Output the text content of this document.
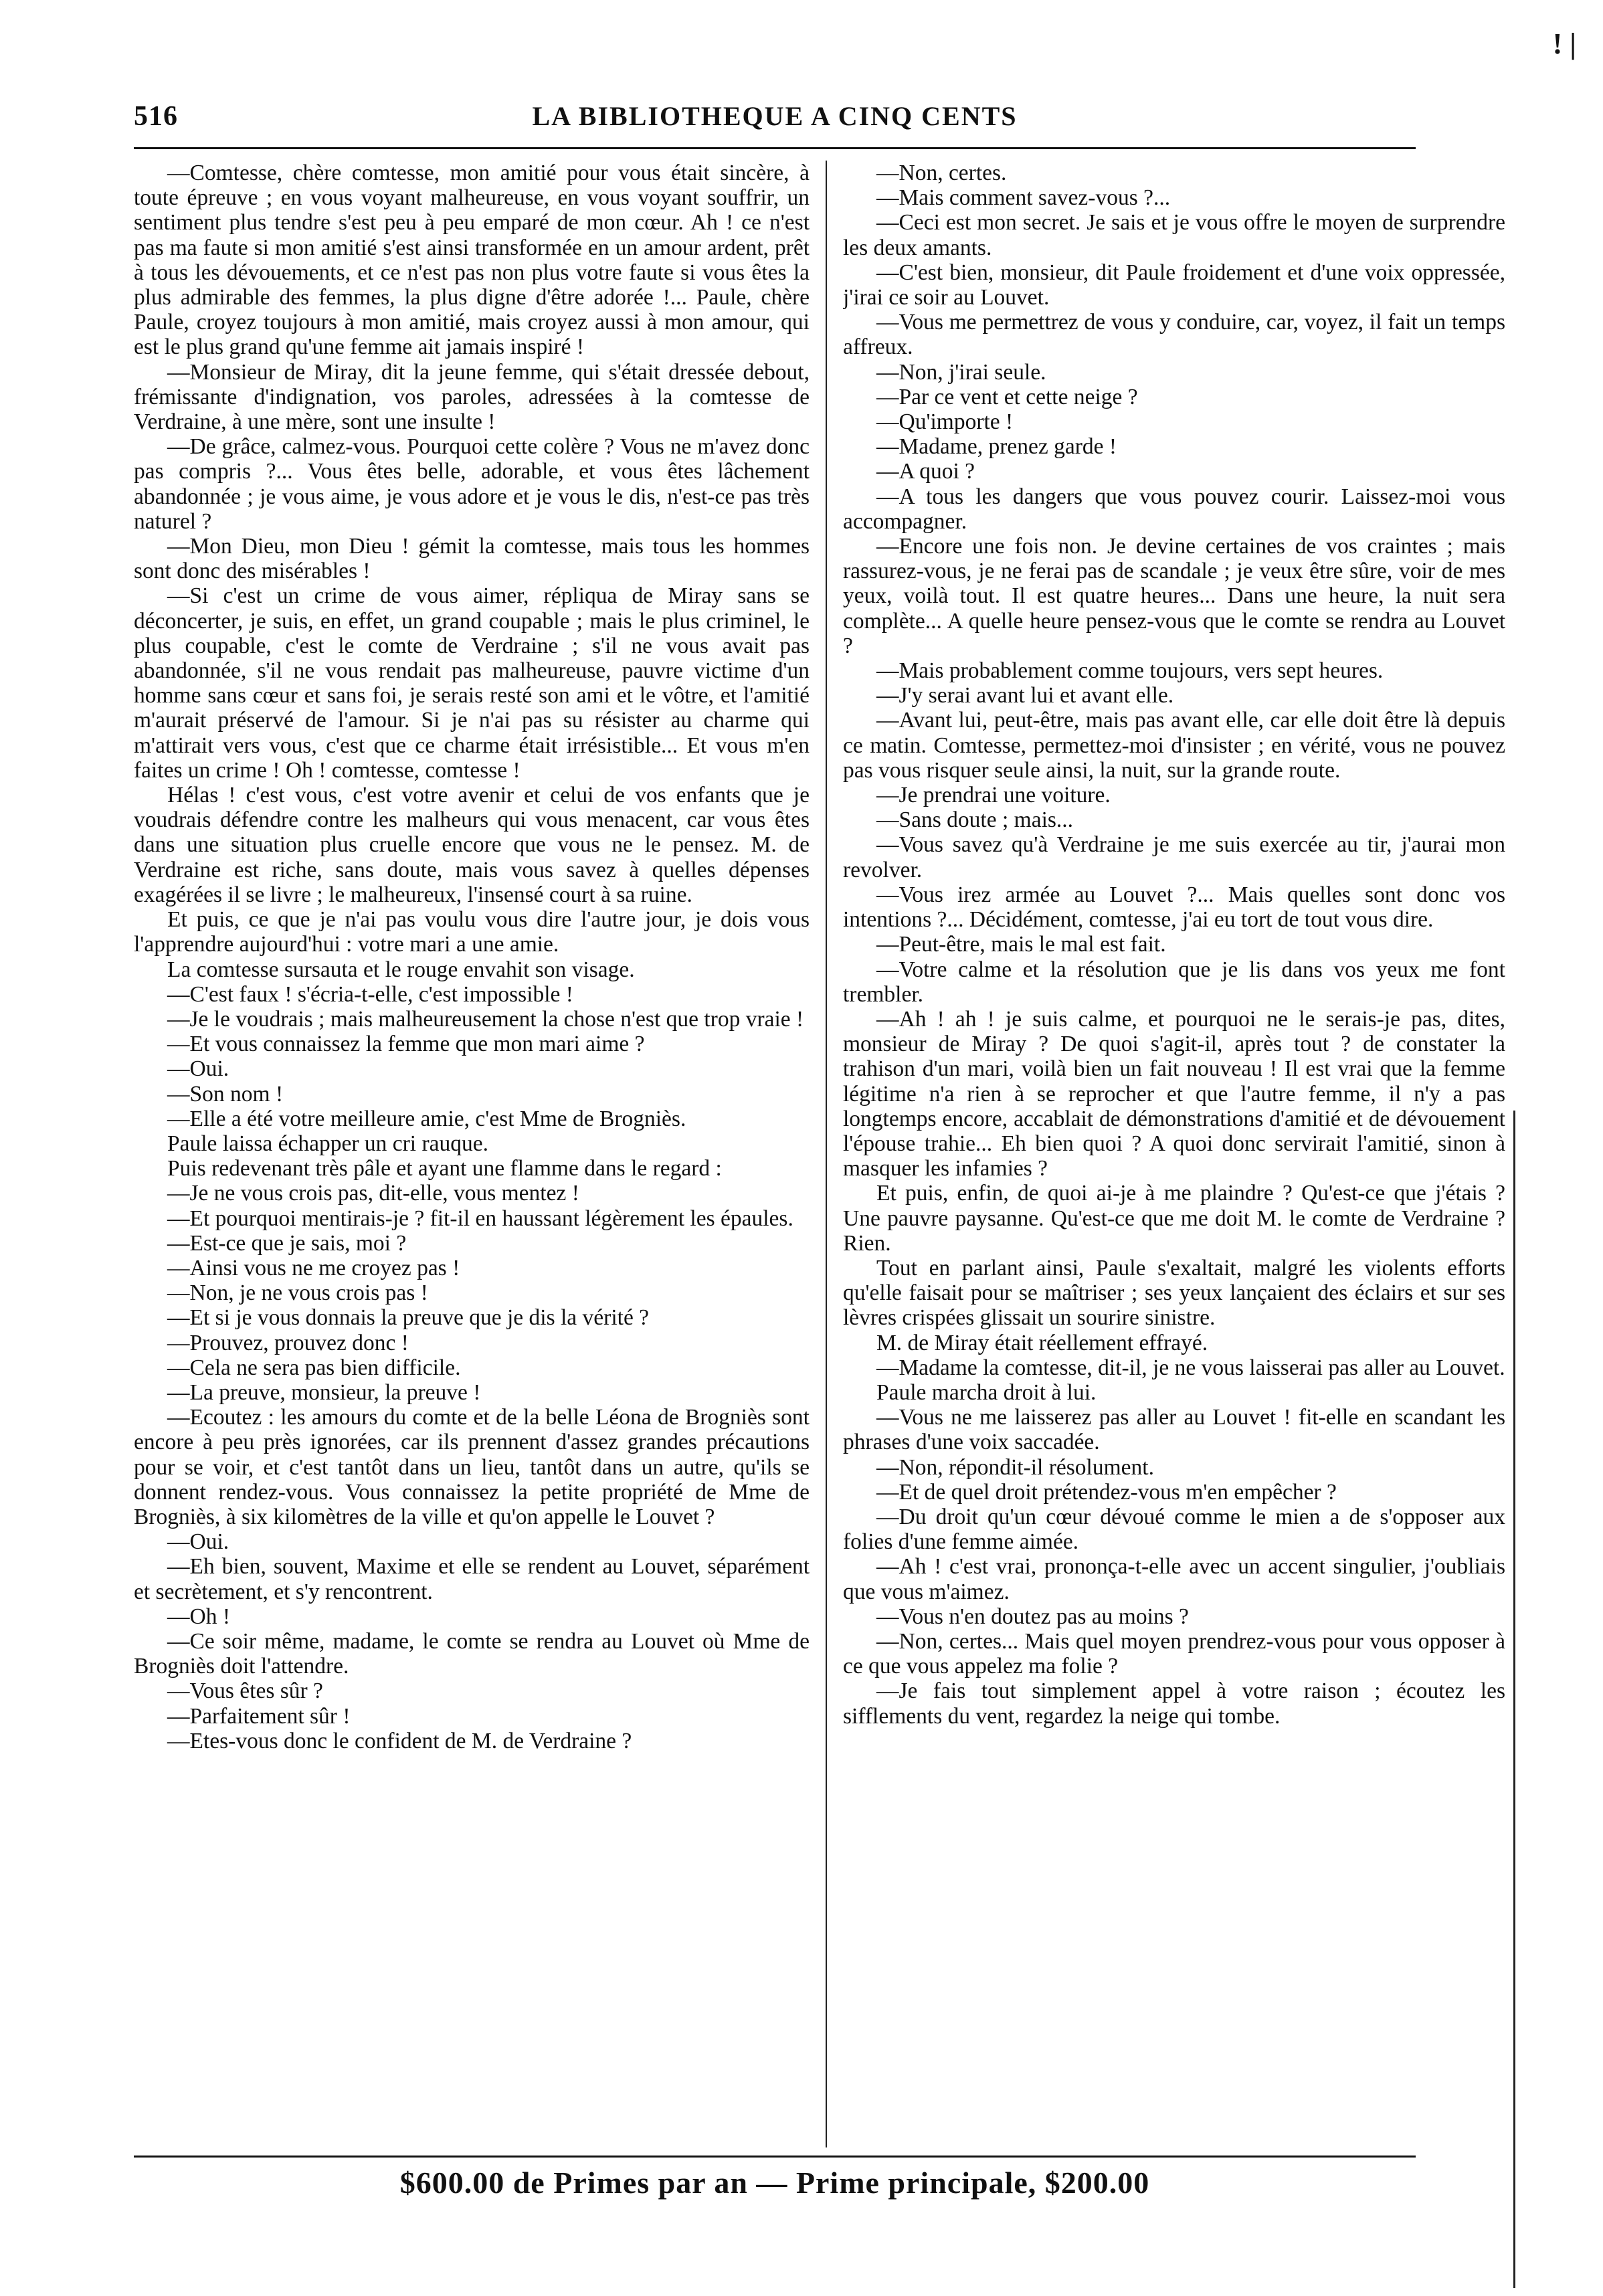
! |
516	LA BIBLIOTHEQUE A CINQ CENTS

—Comtesse, chère comtesse, mon amitié pour vous était sincère, à toute épreuve ; en vous voyant malheureuse, en vous voyant souffrir, un sentiment plus tendre s'est peu à peu emparé de mon cœur. Ah ! ce n'est pas ma faute si mon amitié s'est ainsi transformée en un amour ardent, prêt à tous les dévouements, et ce n'est pas non plus votre faute si vous êtes la plus admirable des femmes, la plus digne d'être adorée !... Paule, chère Paule, croyez toujours à mon amitié, mais croyez aussi à mon amour, qui est le plus grand qu'une femme ait jamais inspiré !

—Monsieur de Miray, dit la jeune femme, qui s'était dressée debout, frémissante d'indignation, vos paroles, adressées à la comtesse de Verdraine, à une mère, sont une insulte !

—De grâce, calmez-vous. Pourquoi cette colère ? Vous ne m'avez donc pas compris ?... Vous êtes belle, adorable, et vous êtes lâchement abandonnée ; je vous aime, je vous adore et je vous le dis, n'est-ce pas très naturel ?

—Mon Dieu, mon Dieu ! gémit la comtesse, mais tous les hommes sont donc des misérables !

—Si c'est un crime de vous aimer, répliqua de Miray sans se déconcerter, je suis, en effet, un grand coupable ; mais le plus criminel, le plus coupable, c'est le comte de Verdraine ; s'il ne vous avait pas abandonnée, s'il ne vous rendait pas malheureuse, pauvre victime d'un homme sans cœur et sans foi, je serais resté son ami et le vôtre, et l'amitié m'aurait préservé de l'amour. Si je n'ai pas su résister au charme qui m'attirait vers vous, c'est que ce charme était irrésistible... Et vous m'en faites un crime ! Oh ! comtesse, comtesse !

Hélas ! c'est vous, c'est votre avenir et celui de vos enfants que je voudrais défendre contre les malheurs qui vous menacent, car vous êtes dans une situation plus cruelle encore que vous ne le pensez. M. de Verdraine est riche, sans doute, mais vous savez à quelles dépenses exagérées il se livre ; le malheureux, l'insensé court à sa ruine.

Et puis, ce que je n'ai pas voulu vous dire l'autre jour, je dois vous l'apprendre aujourd'hui : votre mari a une amie.

La comtesse sursauta et le rouge envahit son visage.

—C'est faux ! s'écria-t-elle, c'est impossible !

—Je le voudrais ; mais malheureusement la chose n'est que trop vraie !

—Et vous connaissez la femme que mon mari aime ?

—Oui.

—Son nom !

—Elle a été votre meilleure amie, c'est Mme de Brogniès.

Paule laissa échapper un cri rauque.

Puis redevenant très pâle et ayant une flamme dans le regard :

—Je ne vous crois pas, dit-elle, vous mentez !

—Et pourquoi mentirais-je ? fit-il en haussant légèrement les épaules.

—Est-ce que je sais, moi ?

—Ainsi vous ne me croyez pas !

—Non, je ne vous crois pas !

—Et si je vous donnais la preuve que je dis la vérité ?

—Prouvez, prouvez donc !

—Cela ne sera pas bien difficile.

—La preuve, monsieur, la preuve !

—Ecoutez : les amours du comte et de la belle Léona de Brogniès sont encore à peu près ignorées, car ils prennent d'assez grandes précautions pour se voir, et c'est tantôt dans un lieu, tantôt dans un autre, qu'ils se donnent rendez-vous. Vous connaissez la petite propriété de Mme de Brogniès, à six kilomètres de la ville et qu'on appelle le Louvet ?

—Oui.

—Eh bien, souvent, Maxime et elle se rendent au Louvet, séparément et secrètement, et s'y rencontrent.

—Oh !

—Ce soir même, madame, le comte se rendra au Louvet où Mme de Brogniès doit l'attendre.

—Vous êtes sûr ?

—Parfaitement sûr !

—Etes-vous donc le confident de M. de Verdraine ?

—Non, certes.

—Mais comment savez-vous ?...

—Ceci est mon secret. Je sais et je vous offre le moyen de surprendre les deux amants.

—C'est bien, monsieur, dit Paule froidement et d'une voix oppressée, j'irai ce soir au Louvet.

—Vous me permettrez de vous y conduire, car, voyez, il fait un temps affreux.

—Non, j'irai seule.

—Par ce vent et cette neige ?

—Qu'importe !

—Madame, prenez garde !

—A quoi ?

—A tous les dangers que vous pouvez courir. Laissez-moi vous accompagner.

—Encore une fois non. Je devine certaines de vos craintes ; mais rassurez-vous, je ne ferai pas de scandale ; je veux être sûre, voir de mes yeux, voilà tout. Il est quatre heures... Dans une heure, la nuit sera complète... A quelle heure pensez-vous que le comte se rendra au Louvet ?

—Mais probablement comme toujours, vers sept heures.

—J'y serai avant lui et avant elle.

—Avant lui, peut-être, mais pas avant elle, car elle doit être là depuis ce matin. Comtesse, permettez-moi d'insister ; en vérité, vous ne pouvez pas vous risquer seule ainsi, la nuit, sur la grande route.

—Je prendrai une voiture.

—Sans doute ; mais...

—Vous savez qu'à Verdraine je me suis exercée au tir, j'aurai mon revolver.

—Vous irez armée au Louvet ?... Mais quelles sont donc vos intentions ?... Décidément, comtesse, j'ai eu tort de tout vous dire.

—Peut-être, mais le mal est fait.

—Votre calme et la résolution que je lis dans vos yeux me font trembler.

—Ah ! ah ! je suis calme, et pourquoi ne le serais-je pas, dites, monsieur de Miray ? De quoi s'agit-il, après tout ? de constater la trahison d'un mari, voilà bien un fait nouveau ! Il est vrai que la femme légitime n'a rien à se reprocher et que l'autre femme, il n'y a pas longtemps encore, accablait de démonstrations d'amitié et de dévouement l'épouse trahie... Eh bien quoi ? A quoi donc servirait l'amitié, sinon à masquer les infamies ?

Et puis, enfin, de quoi ai-je à me plaindre ? Qu'est-ce que j'étais ? Une pauvre paysanne. Qu'est-ce que me doit M. le comte de Verdraine ? Rien.

Tout en parlant ainsi, Paule s'exaltait, malgré les violents efforts qu'elle faisait pour se maîtriser ; ses yeux lançaient des éclairs et sur ses lèvres crispées glissait un sourire sinistre.

M. de Miray était réellement effrayé.

—Madame la comtesse, dit-il, je ne vous laisserai pas aller au Louvet.

Paule marcha droit à lui.

—Vous ne me laisserez pas aller au Louvet ! fit-elle en scandant les phrases d'une voix saccadée.

—Non, répondit-il résolument.

—Et de quel droit prétendez-vous m'en empêcher ?

—Du droit qu'un cœur dévoué comme le mien a de s'opposer aux folies d'une femme aimée.

—Ah ! c'est vrai, prononça-t-elle avec un accent singulier, j'oubliais que vous m'aimez.

—Vous n'en doutez pas au moins ?

—Non, certes... Mais quel moyen prendrez-vous pour vous opposer à ce que vous appelez ma folie ?

—Je fais tout simplement appel à votre raison ; écoutez les sifflements du vent, regardez la neige qui tombe.

$600.00 de Primes par an — Prime principale, $200.00
